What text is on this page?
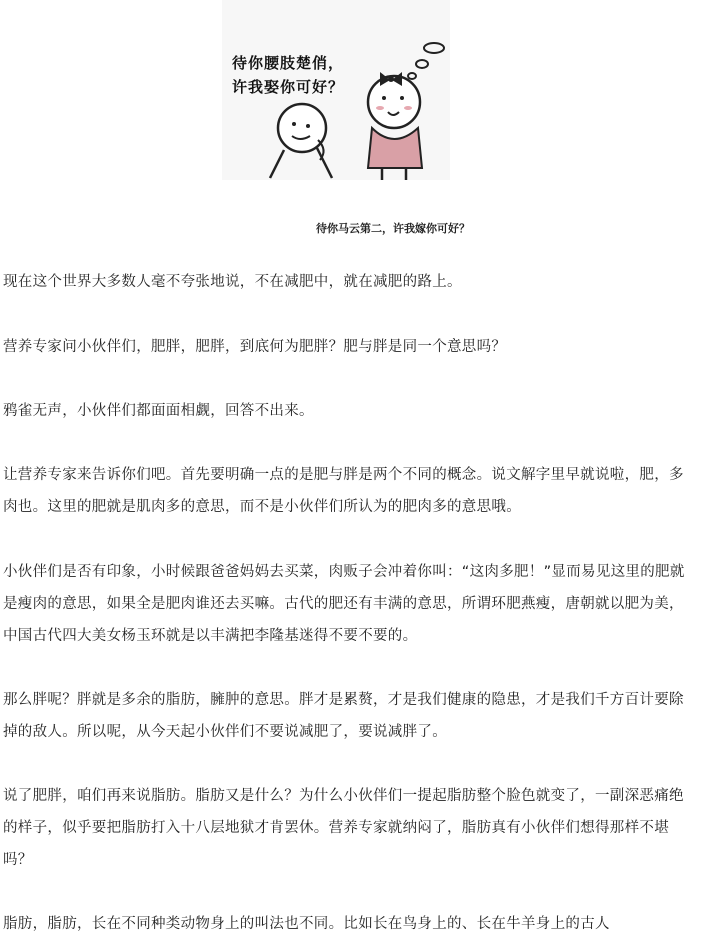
待你腰肢楚俏，
许我娶你可好？
待你马云第二，许我嫁你可好？

现在这个世界大多数人毫不夸张地说，不在减肥中，就在减肥的路上。

营养专家问小伙伴们，肥胖，肥胖，到底何为肥胖？肥与胖是同一个意思吗？

鸦雀无声，小伙伴们都面面相觑，回答不出来。

让营养专家来告诉你们吧。首先要明确一点的是肥与胖是两个不同的概念。说文解字里早就说啦，肥，多肉也。这里的肥就是肌肉多的意思，而不是小伙伴们所认为的肥肉多的意思哦。

小伙伴们是否有印象，小时候跟爸爸妈妈去买菜，肉贩子会冲着你叫：“这肉多肥！”显而易见这里的肥就是瘦肉的意思，如果全是肥肉谁还去买嘛。古代的肥还有丰满的意思，所谓环肥燕瘦，唐朝就以肥为美，中国古代四大美女杨玉环就是以丰满把李隆基迷得不要不要的。

那么胖呢？胖就是多余的脂肪，臃肿的意思。胖才是累赘，才是我们健康的隐患，才是我们千方百计要除掉的敌人。所以呢，从今天起小伙伴们不要说减肥了，要说减胖了。

说了肥胖，咱们再来说脂肪。脂肪又是什么？为什么小伙伴们一提起脂肪整个脸色就变了，一副深恶痛绝的样子，似乎要把脂肪打入十八层地狱才肯罢休。营养专家就纳闷了，脂肪真有小伙伴们想得那样不堪吗？

脂肪，脂肪，长在不同种类动物身上的叫法也不同。比如长在鸟身上的、长在牛羊身上的古人
